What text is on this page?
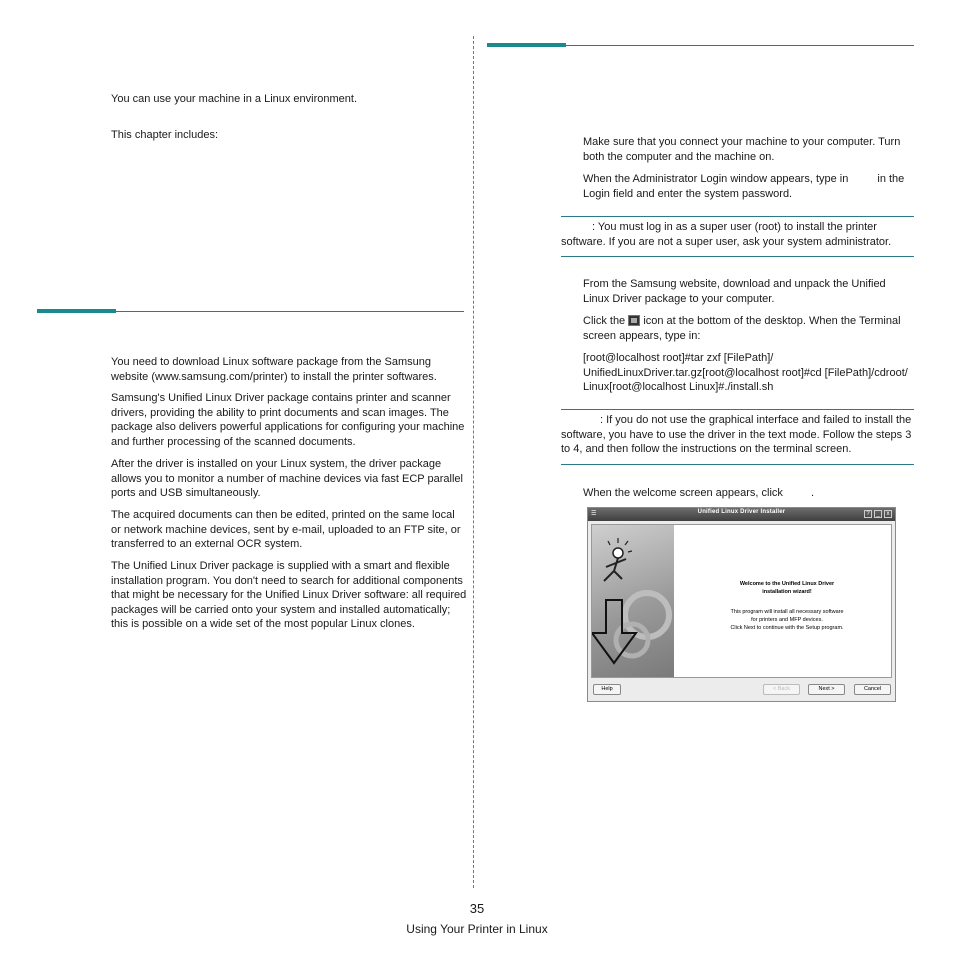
You can use your machine in a Linux environment.
This chapter includes:
You need to download Linux software package from the Samsung
website (www.samsung.com/printer) to install the printer softwares.
Samsung's Unified Linux Driver package contains printer and scanner
drivers, providing the ability to print documents and scan images. The
package also delivers powerful applications for configuring your machine
and further processing of the scanned documents.
After the driver is installed on your Linux system, the driver package
allows you to monitor a number of machine devices via fast ECP parallel
ports and USB simultaneously.
The acquired documents can then be edited, printed on the same local
or network machine devices, sent by e-mail, uploaded to an FTP site, or
transferred to an external OCR system.
The Unified Linux Driver package is supplied with a smart and flexible
installation program. You don't need to search for additional components
that might be necessary for the Unified Linux Driver software: all required
packages will be carried onto your system and installed automatically;
this is possible on a wide set of the most popular Linux clones.
Make sure that you connect your machine to your computer. Turn
both the computer and the machine on.
When the Administrator Login window appears, type in	in the
Login field and enter the system password.
: You must log in as a super user (root) to install the printer
software. If you are not a super user, ask your system administrator.
From the Samsung website, download and unpack the Unified
Linux Driver package to your computer.
Click the icon at the bottom of the desktop. When the Terminal
screen appears, type in:
[root@localhost root]#tar zxf [FilePath]/
UnifiedLinuxDriver.tar.gz[root@localhost root]#cd [FilePath]/cdroot/
Linux[root@localhost Linux]#./install.sh
: If you do not use the graphical interface and failed to install the
software, you have to use the driver in the text mode. Follow the steps 3
to 4, and then follow the instructions on the terminal screen.
When the welcome screen appears, click	.
☰	Unified Linux Driver Installer	?	_	x
Welcome to the Unified Linux Driver
installation wizard!
This program will install all necessary software
for printers and MFP devices.
Click Next to continue with the Setup program.
Help	< Back	Next >	Cancel
35
Using Your Printer in Linux
